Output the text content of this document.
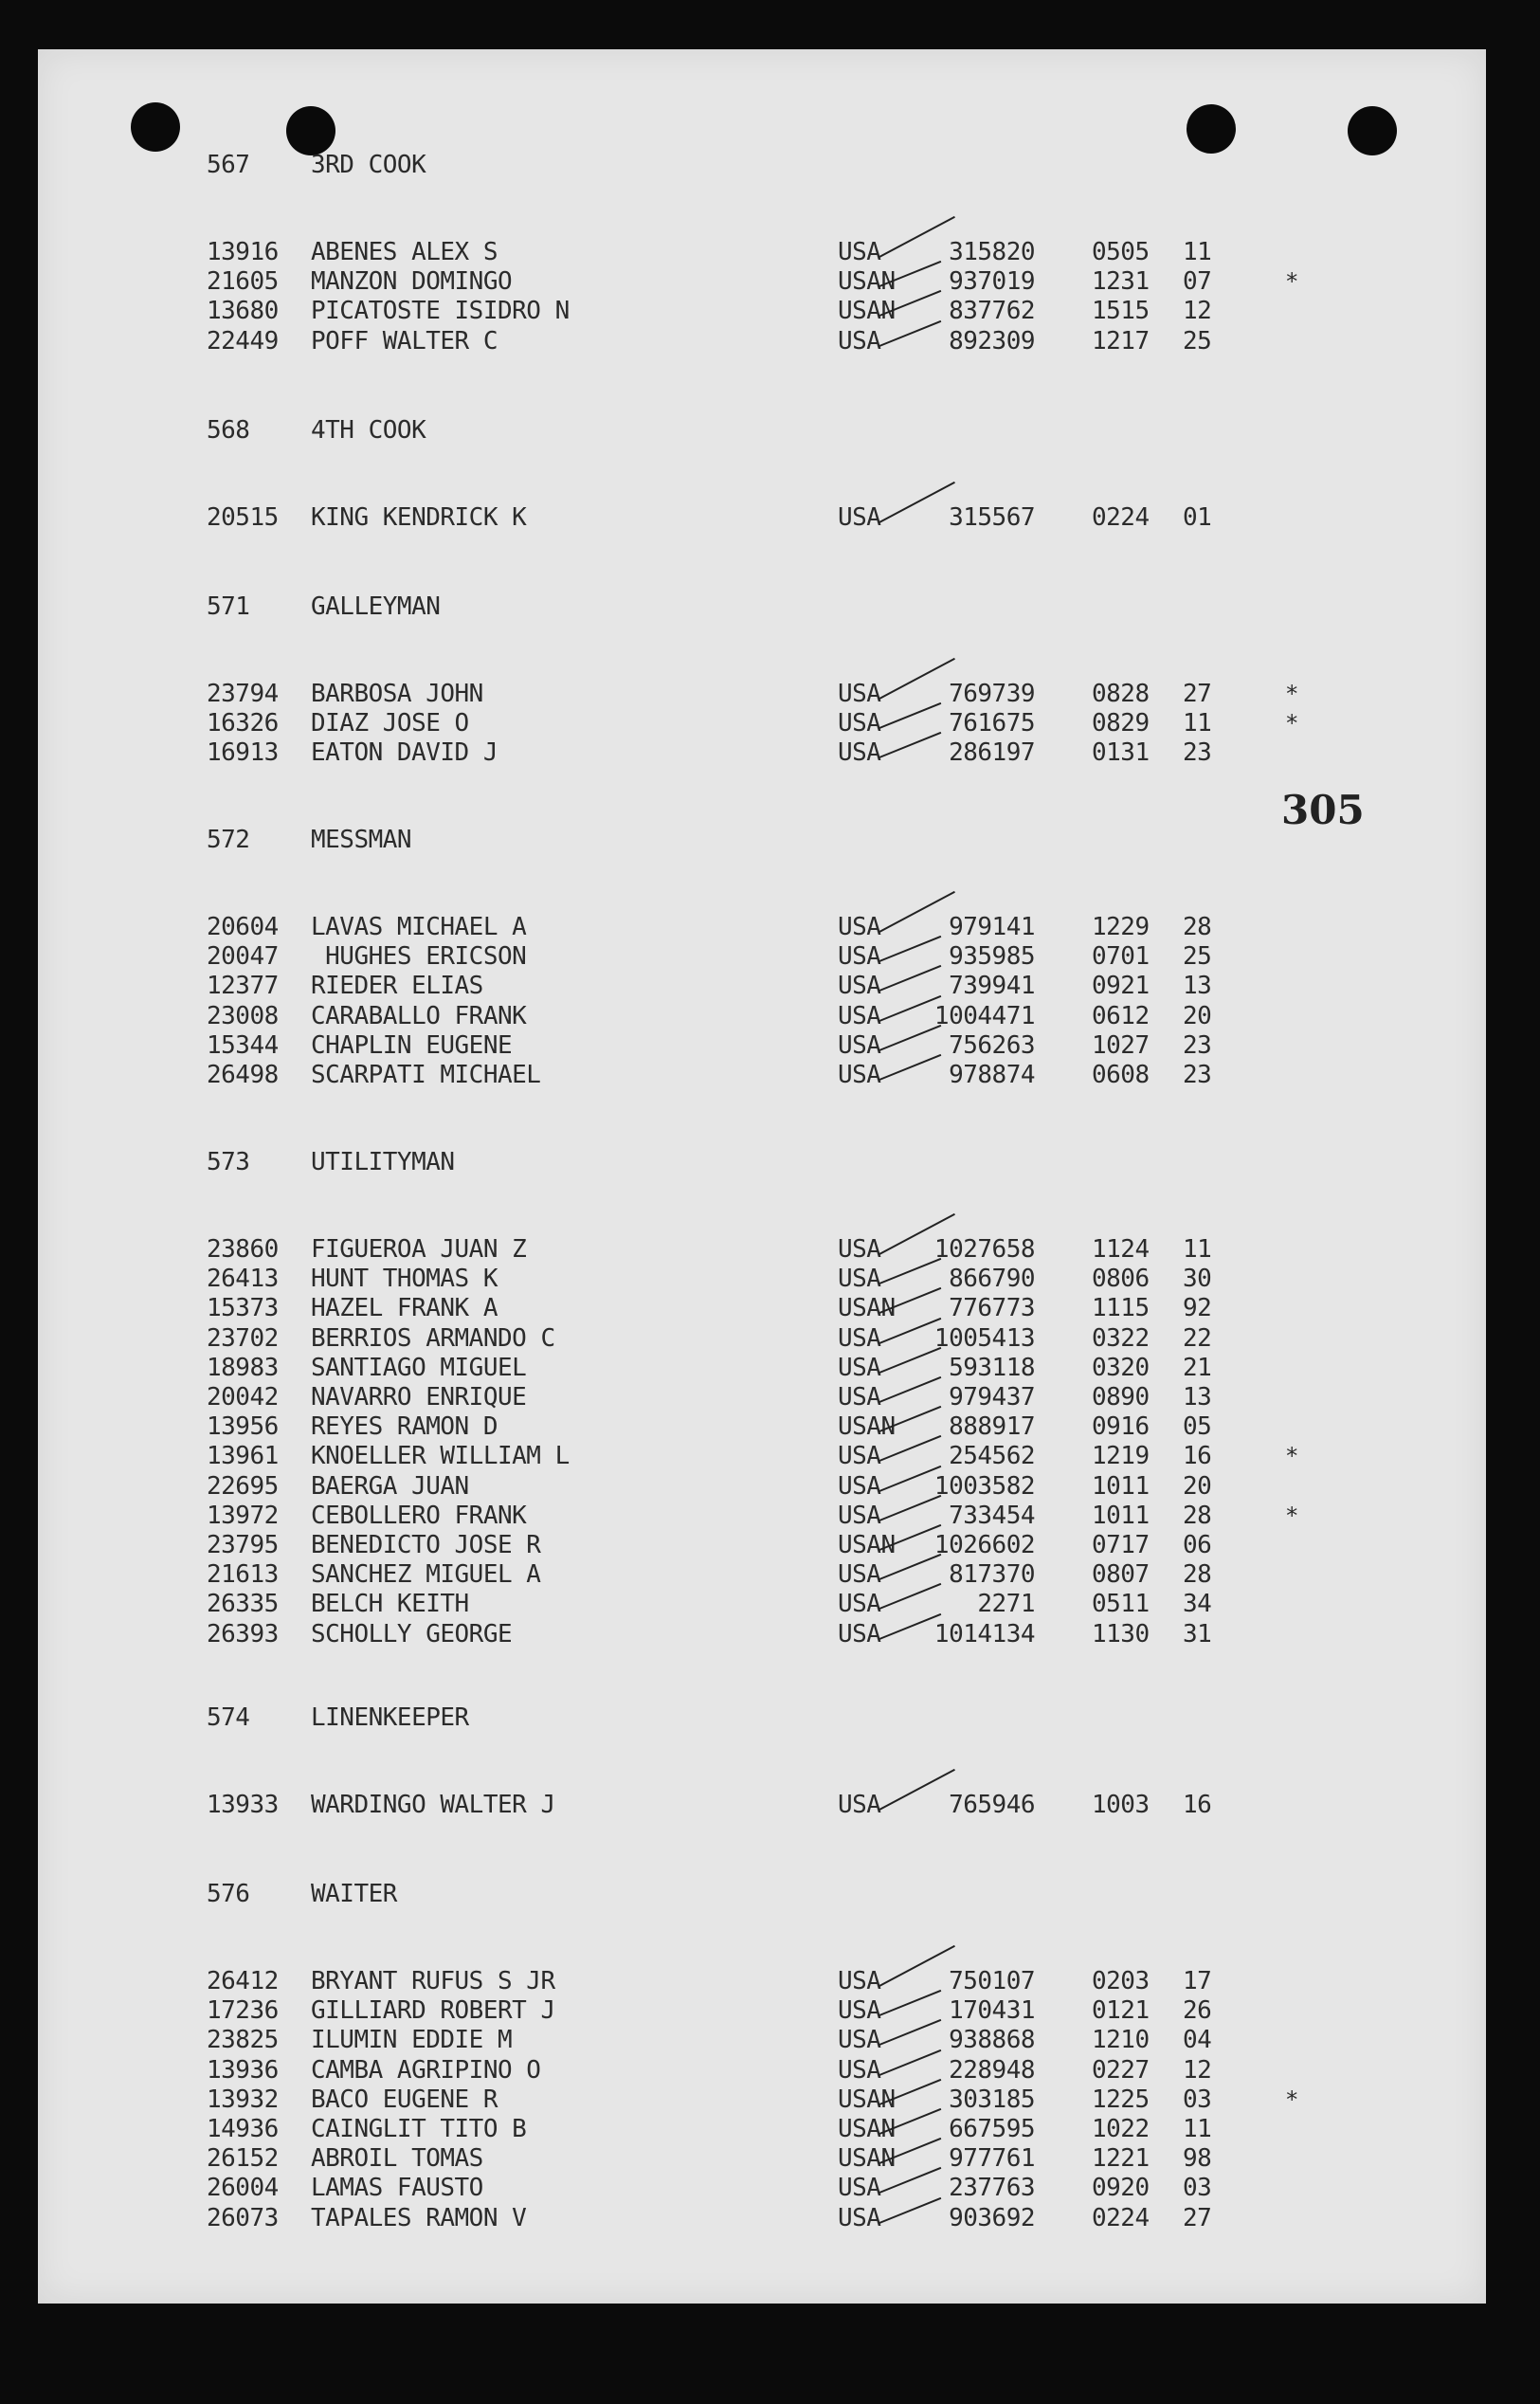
305
567 3RD COOK
13916 ABENES ALEX S	USA	315820 0505 11
21605 MANZON DOMINGO	USAN 937019 1231 07	*
13680 PICATOSTE ISIDRO N	USAN 837762 1515 12
22449 POFF WALTER C	USA	892309 1217 25
568 4TH COOK
20515 KING KENDRICK K	USA	315567 0224 01
571 GALLEYMAN
23794 BARBOSA JOHN	USA	769739 0828 27	*
16326 DIAZ JOSE O	USA	761675 0829 11	*
16913 EATON DAVID J	USA	286197 0131 23
572 MESSMAN
20604 LAVAS MICHAEL A	USA	979141 1229 28
20047 HUGHES ERICSON	USA	935985 0701 25
12377 RIEDER ELIAS	USA	739941 0921 13
23008 CARABALLO FRANK	USA 1004471 0612 20
15344 CHAPLIN EUGENE	USA	756263 1027 23
26498 SCARPATI MICHAEL	USA	978874 0608 23
573 UTILITYMAN
23860 FIGUEROA JUAN Z	USA 1027658 1124 11
26413 HUNT THOMAS K	USA	866790 0806 30
15373 HAZEL FRANK A	USAN 776773 1115 92
23702 BERRIOS ARMANDO C	USA 1005413 0322 22
18983 SANTIAGO MIGUEL	USA	593118 0320 21
20042 NAVARRO ENRIQUE	USA	979437 0890 13
13956 REYES RAMON D	USAN 888917 0916 05
13961 KNOELLER WILLIAM L	USA	254562 1219 16	*
22695 BAERGA JUAN	USA 1003582 1011 20
13972 CEBOLLERO FRANK	USA	733454 1011 28	*
23795 BENEDICTO JOSE R	USAN 1026602 0717 06
21613 SANCHEZ MIGUEL A	USA	817370 0807 28
26335 BELCH KEITH	USA	2271 0511 34
26393 SCHOLLY GEORGE	USA 1014134 1130 31
574 LINENKEEPER
13933 WARDINGO WALTER J	USA	765946 1003 16
576 WAITER
26412 BRYANT RUFUS S JR	USA	750107 0203 17
17236 GILLIARD ROBERT J	USA	170431 0121 26
23825 ILUMIN EDDIE M	USA	938868 1210 04
13936 CAMBA AGRIPINO O	USA	228948 0227 12
13932 BACO EUGENE R	USAN 303185 1225 03	*
14936 CAINGLIT TITO B	USAN 667595 1022 11
26152 ABROIL TOMAS	USAN 977761 1221 98
26004 LAMAS FAUSTO	USA	237763 0920 03
26073 TAPALES RAMON V	USA	903692 0224 27
